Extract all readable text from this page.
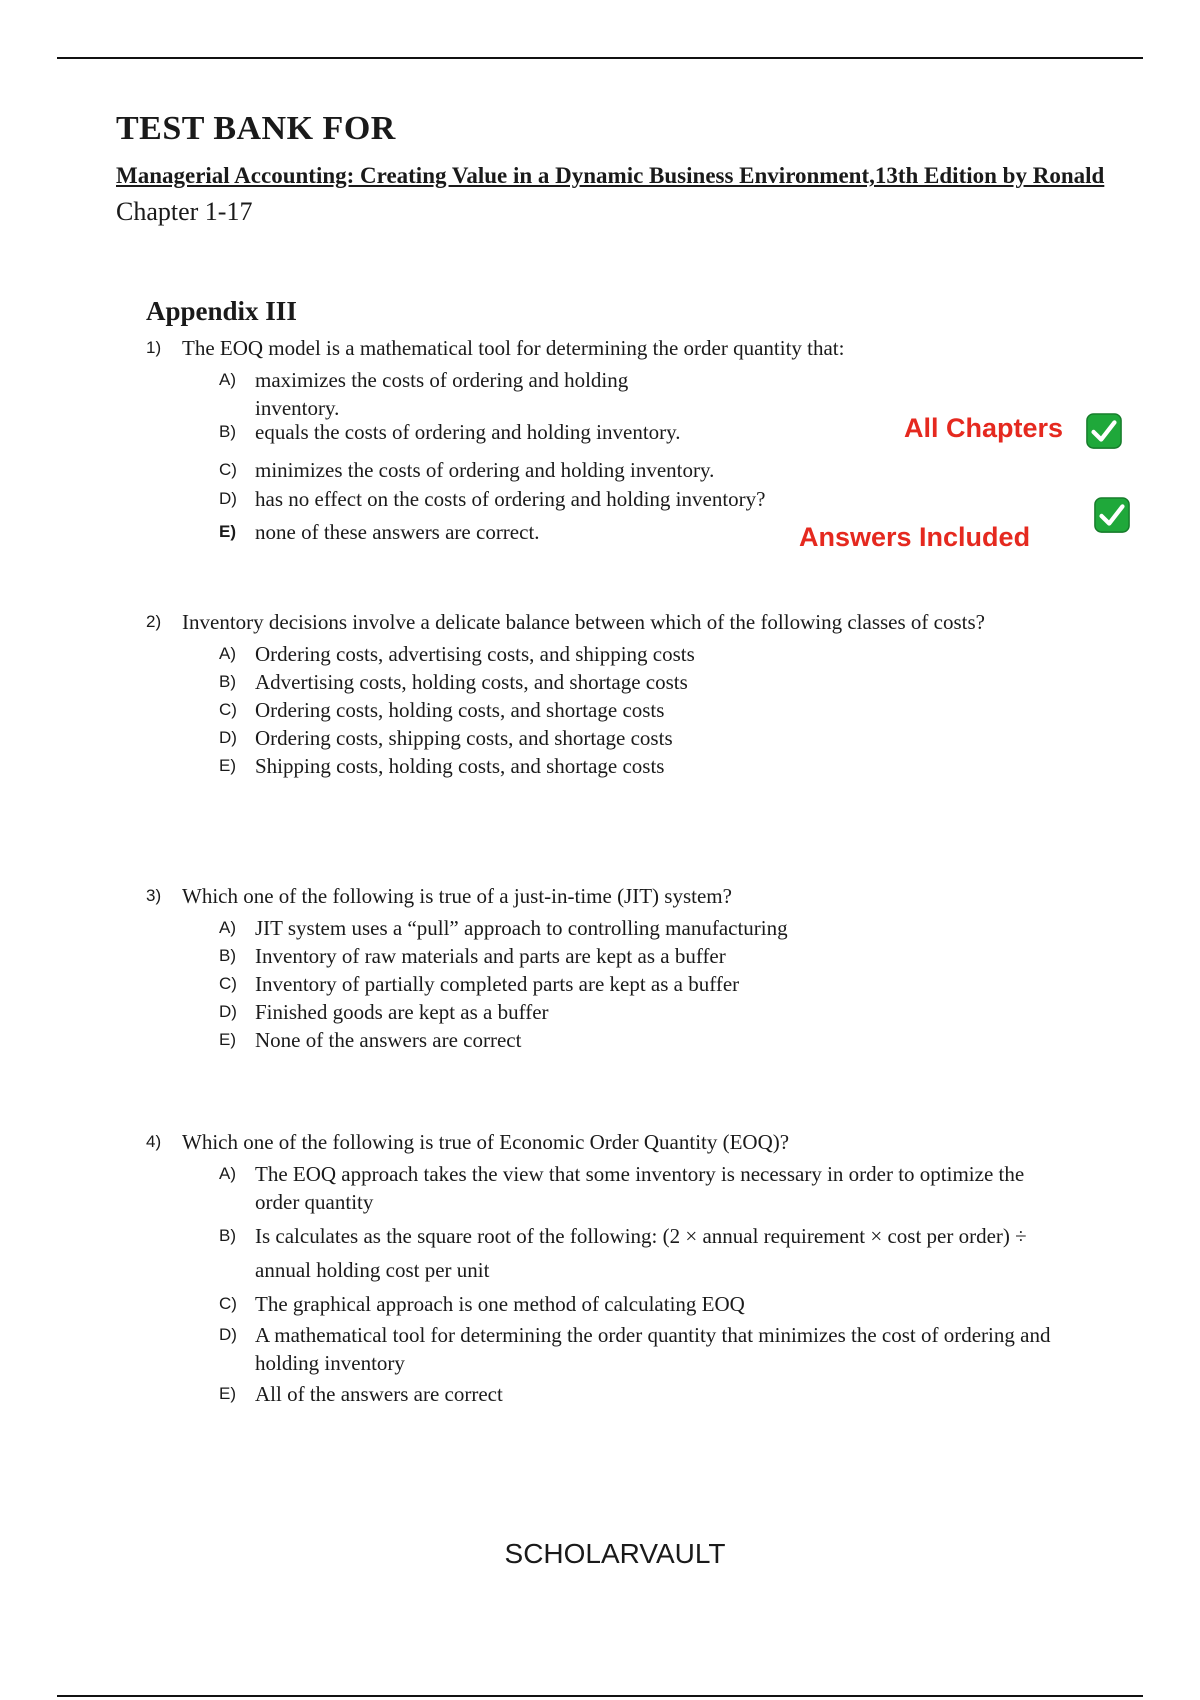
TEST BANK FOR
Managerial Accounting: Creating Value in a Dynamic Business Environment,13th Edition by Ronald
Chapter 1-17
Appendix III
All Chapters
Answers Included
1) The EOQ model is a mathematical tool for determining the order quantity that:
A) maximizes the costs of ordering and holding inventory.
B) equals the costs of ordering and holding inventory.
C) minimizes the costs of ordering and holding inventory.
D) has no effect on the costs of ordering and holding inventory?
E) none of these answers are correct.
2) Inventory decisions involve a delicate balance between which of the following classes of costs?
A) Ordering costs, advertising costs, and shipping costs
B) Advertising costs, holding costs, and shortage costs
C) Ordering costs, holding costs, and shortage costs
D) Ordering costs, shipping costs, and shortage costs
E) Shipping costs, holding costs, and shortage costs
3) Which one of the following is true of a just-in-time (JIT) system?
A) JIT system uses a “pull” approach to controlling manufacturing
B) Inventory of raw materials and parts are kept as a buffer
C) Inventory of partially completed parts are kept as a buffer
D) Finished goods are kept as a buffer
E) None of the answers are correct
4) Which one of the following is true of Economic Order Quantity (EOQ)?
A) The EOQ approach takes the view that some inventory is necessary in order to optimize the order quantity
B) Is calculates as the square root of the following: (2 × annual requirement × cost per order) ÷ annual holding cost per unit
C) The graphical approach is one method of calculating EOQ
D) A mathematical tool for determining the order quantity that minimizes the cost of ordering and holding inventory
E) All of the answers are correct
SCHOLARVAULT
